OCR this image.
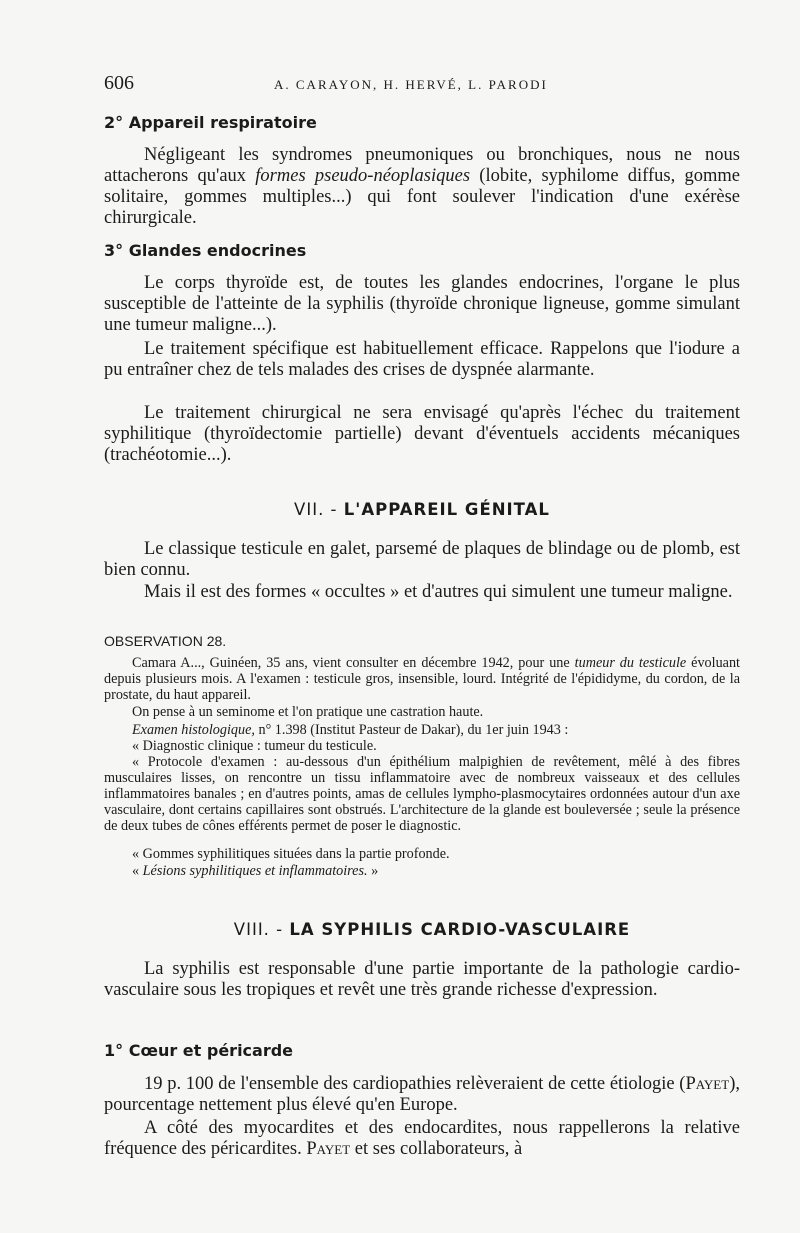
606	A. CARAYON, H. HERVÉ, L. PARODI
2° Appareil respiratoire

Négligeant les syndromes pneumoniques ou bronchiques, nous ne nous attacherons qu'aux formes pseudo-néoplasiques (lobite, syphilome diffus, gomme solitaire, gommes multiples...) qui font soulever l'indication d'une exérèse chirurgicale.

3° Glandes endocrines

Le corps thyroïde est, de toutes les glandes endocrines, l'organe le plus susceptible de l'atteinte de la syphilis (thyroïde chronique ligneuse, gomme simulant une tumeur maligne...).

Le traitement spécifique est habituellement efficace. Rappelons que l'iodure a pu entraîner chez de tels malades des crises de dyspnée alarmante.

Le traitement chirurgical ne sera envisagé qu'après l'échec du traitement syphilitique (thyroïdectomie partielle) devant d'éventuels accidents mécaniques (trachéotomie...).

VII. - L'APPAREIL GÉNITAL

Le classique testicule en galet, parsemé de plaques de blindage ou de plomb, est bien connu.

Mais il est des formes « occultes » et d'autres qui simulent une tumeur maligne.

OBSERVATION 28.

Camara A..., Guinéen, 35 ans, vient consulter en décembre 1942, pour une tumeur du testicule évoluant depuis plusieurs mois. A l'examen : testicule gros, insensible, lourd. Intégrité de l'épididyme, du cordon, de la prostate, du haut appareil.

On pense à un seminome et l'on pratique une castration haute.

Examen histologique, n° 1.398 (Institut Pasteur de Dakar), du 1er juin 1943 :

« Diagnostic clinique : tumeur du testicule.

« Protocole d'examen : au-dessous d'un épithélium malpighien de revêtement, mêlé à des fibres musculaires lisses, on rencontre un tissu inflammatoire avec de nombreux vaisseaux et des cellules inflammatoires banales ; en d'autres points, amas de cellules lympho-plasmocytaires ordonnées autour d'un axe vasculaire, dont certains capillaires sont obstrués. L'architecture de la glande est bouleversée ; seule la présence de deux tubes de cônes efférents permet de poser le diagnostic.

« Gommes syphilitiques situées dans la partie profonde.

« Lésions syphilitiques et inflammatoires. »

VIII. - LA SYPHILIS CARDIO-VASCULAIRE

La syphilis est responsable d'une partie importante de la pathologie cardio-vasculaire sous les tropiques et revêt une très grande richesse d'expression.

1° Cœur et péricarde

19 p. 100 de l'ensemble des cardiopathies relèveraient de cette étiologie (Payet), pourcentage nettement plus élevé qu'en Europe.

A côté des myocardites et des endocardites, nous rappellerons la relative fréquence des péricardites. Payet et ses collaborateurs, à
